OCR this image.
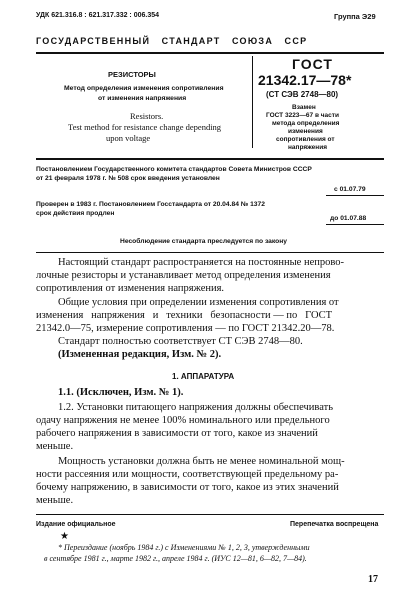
УДК 621.316.8 : 621.317.332 : 006.354	Группа Э29
ГОСУДАРСТВЕННЫЙ   СТАНДАРТ   СОЮЗА   ССР
РЕЗИСТОРЫ
Метод определения изменения сопротивления
от изменения напряжения
Resistors.
Test method for resistance change depending
upon voltage
ГОСТ
21342.17—78*
(СТ СЭВ 2748—80)
Взамен
ГОСТ 3223—67 в части
метода определения
изменения
сопротивления от
напряжения
Постановлением Государственного комитета стандартов Совета Министров СССР
от 21 февраля 1978 г. № 508 срок введения установлен
с 01.07.79
Проверен в 1983 г. Постановлением Госстандарта от 20.04.84 № 1372
срок действия продлен
до 01.07.88
Несоблюдение стандарта преследуется по закону
Настоящий стандарт распространяется на постоянные непрово-
лочные резисторы и устанавливает метод определения изменения
сопротивления от изменения напряжения.
Общие условия при определении изменения сопротивления от
изменения   напряжения   и   техники   безопасности — по   ГОСТ
21342.0—75, измерение сопротивления — по ГОСТ 21342.20—78.
Стандарт полностью соответствует СТ СЭВ 2748—80.
(Измененная редакция, Изм. № 2).
1. АППАРАТУРА
1.1. (Исключен, Изм. № 1).
1.2. Установки питающего напряжения должны обеспечивать
одачу напряжения не менее 100% номинального или предельного
рабочего напряжения в зависимости от того, какое из значений
меньше.
Мощность установки должна быть не менее номинальной мощ-
ности рассеяния или мощности, соответствующей предельному ра-
бочему напряжению, в зависимости от того, какое из этих значений
меньше.
Издание официальное	Перепечатка воспрещена
★
* Переиздание (ноябрь 1984 г.) с Изменениями № 1, 2, 3, утвержденными
в сентябре 1981 г., марте 1982 г., апреле 1984 г. (ИУС 12—81, 6—82, 7—84).
17
